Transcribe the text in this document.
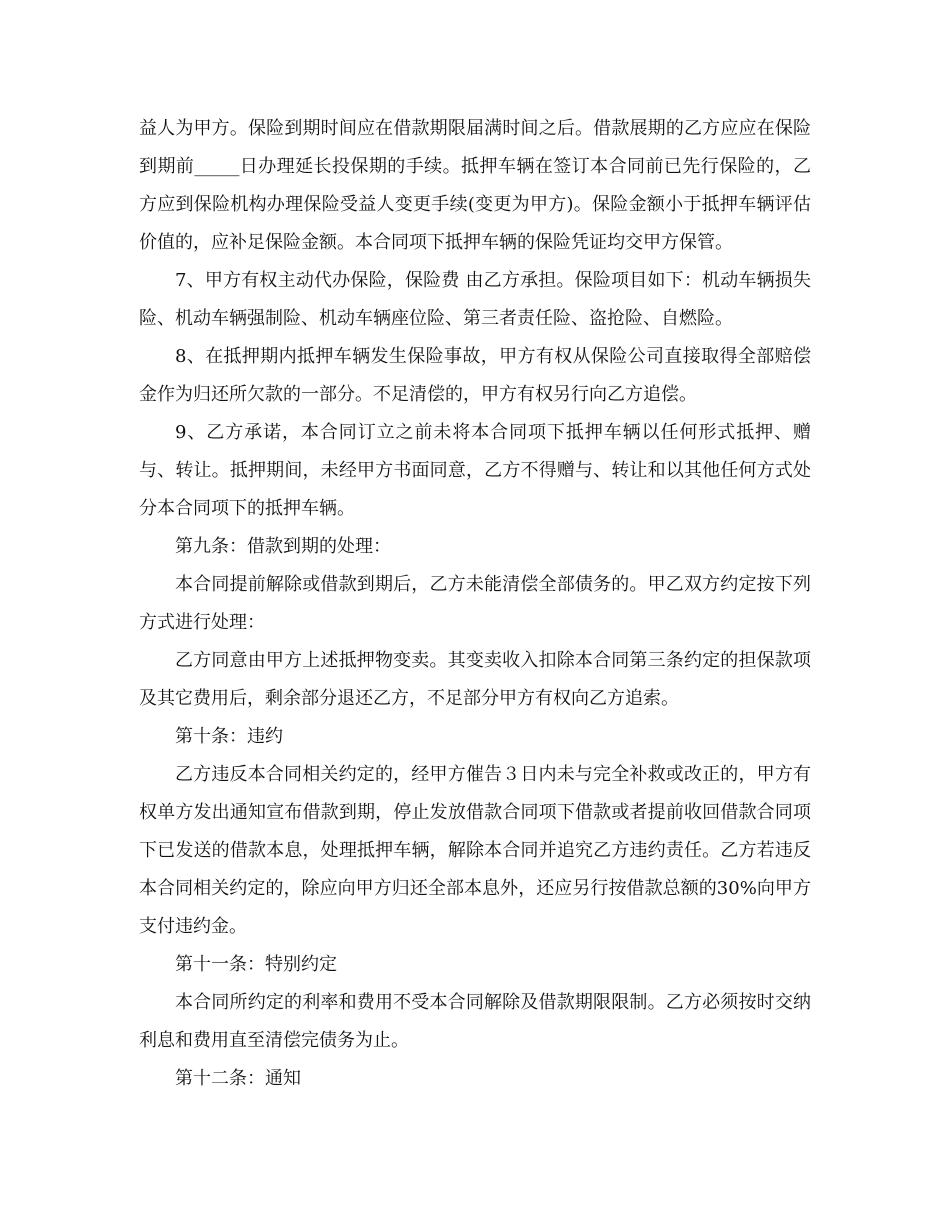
益人为甲方。保险到期时间应在借款期限届满时间之后。借款展期的乙方应应在保险到期前_____日办理延长投保期的手续。抵押车辆在签订本合同前已先行保险的，乙方应到保险机构办理保险受益人变更手续(变更为甲方)。保险金额小于抵押车辆评估价值的，应补足保险金额。本合同项下抵押车辆的保险凭证均交甲方保管。

7、甲方有权主动代办保险，保险费 由乙方承担。保险项目如下：机动车辆损失险、机动车辆强制险、机动车辆座位险、第三者责任险、盗抢险、自燃险。

8、在抵押期内抵押车辆发生保险事故，甲方有权从保险公司直接取得全部赔偿金作为归还所欠款的一部分。不足清偿的，甲方有权另行向乙方追偿。

9、乙方承诺，本合同订立之前未将本合同项下抵押车辆以任何形式抵押、赠与、转让。抵押期间，未经甲方书面同意，乙方不得赠与、转让和以其他任何方式处分本合同项下的抵押车辆。

第九条：借款到期的处理：

本合同提前解除或借款到期后，乙方未能清偿全部债务的。甲乙双方约定按下列方式进行处理：

乙方同意由甲方上述抵押物变卖。其变卖收入扣除本合同第三条约定的担保款项及其它费用后，剩余部分退还乙方，不足部分甲方有权向乙方追索。

第十条：违约

乙方违反本合同相关约定的，经甲方催告３日内未与完全补救或改正的，甲方有权单方发出通知宣布借款到期，停止发放借款合同项下借款或者提前收回借款合同项下已发送的借款本息，处理抵押车辆，解除本合同并追究乙方违约责任。乙方若违反本合同相关约定的，除应向甲方归还全部本息外，还应另行按借款总额的30%向甲方支付违约金。

第十一条：特别约定

本合同所约定的利率和费用不受本合同解除及借款期限限制。乙方必须按时交纳利息和费用直至清偿完债务为止。

第十二条：通知
